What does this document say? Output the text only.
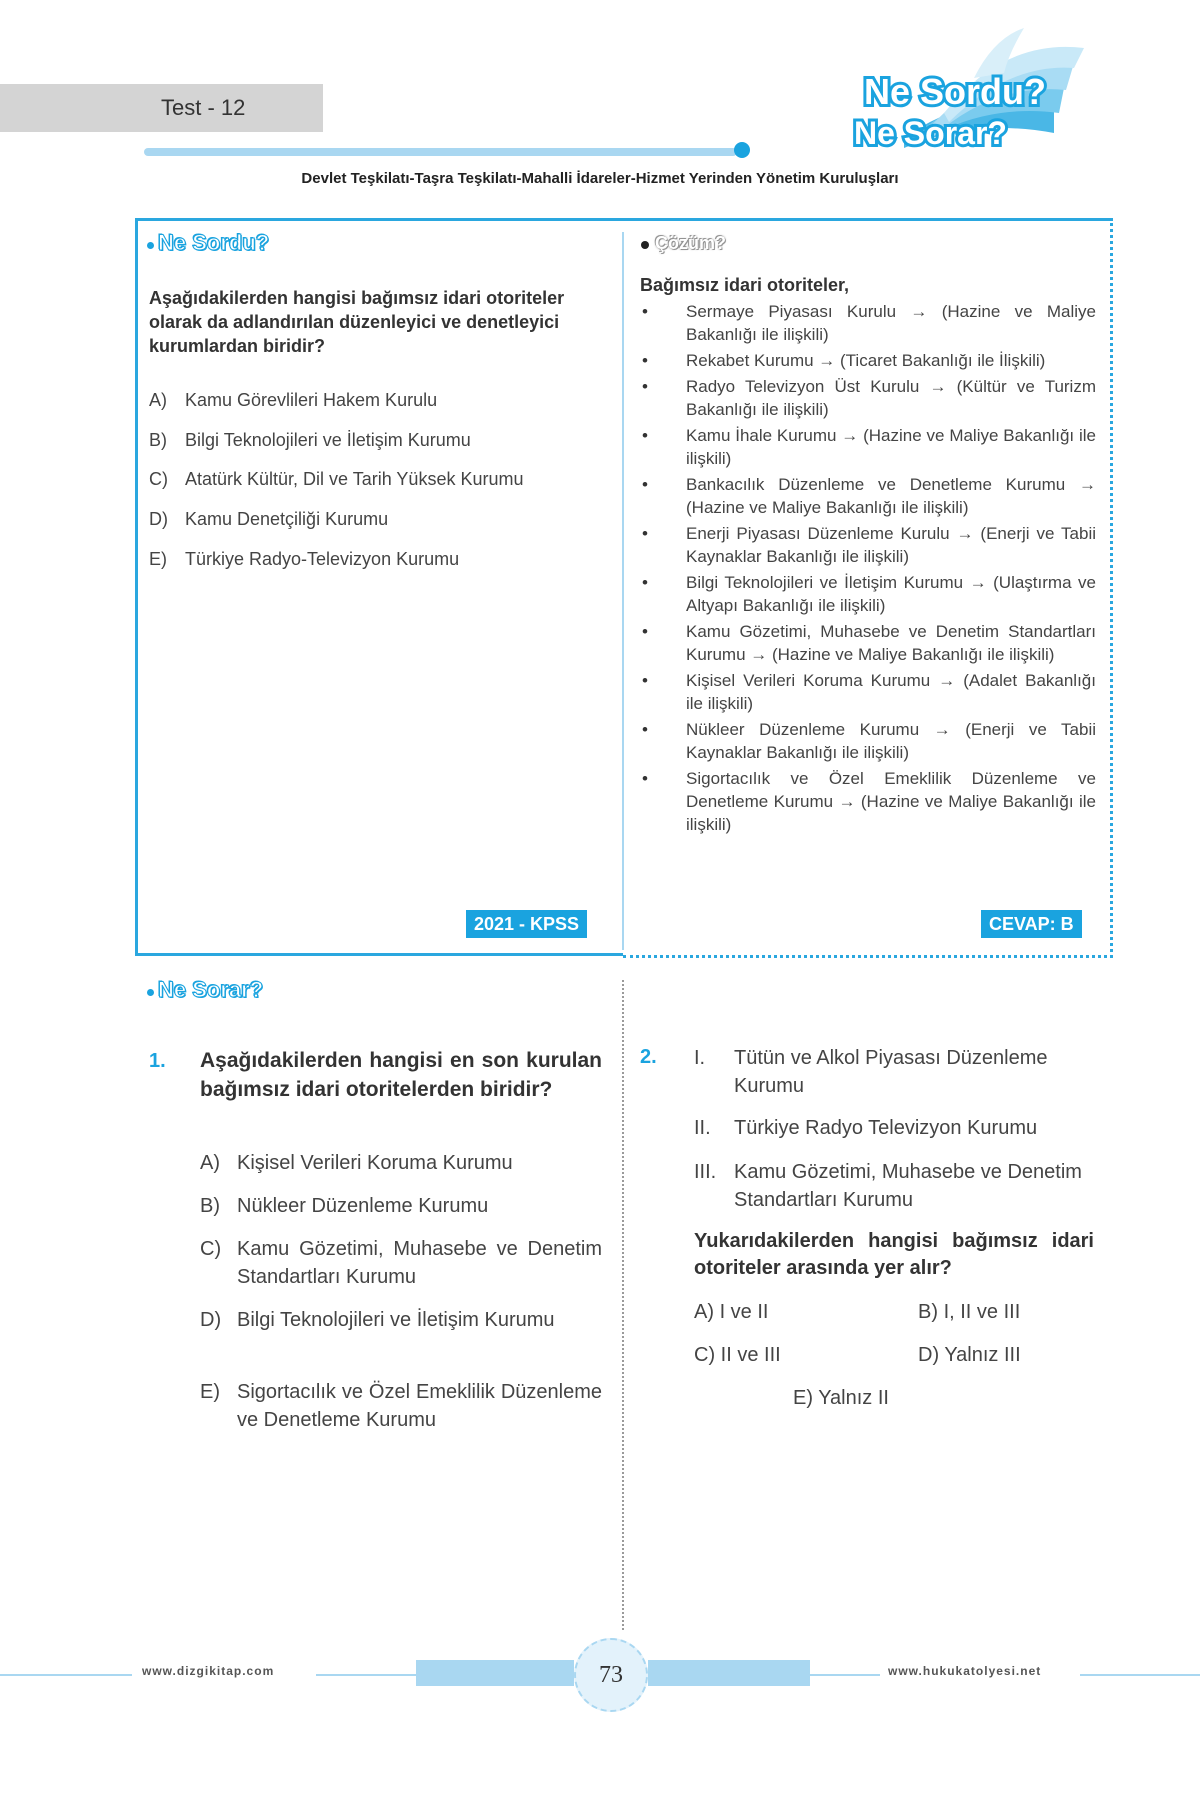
Test - 12	Ne Sordu?
Ne Sorar?
Devlet Teşkilatı-Taşra Teşkilatı-Mahalli İdareler-Hizmet Yerinden Yönetim Kuruluşları
Ne Sordu?
Aşağıdakilerden hangisi bağımsız idari otoriteler olarak da adlandırılan düzenleyici ve denetleyici kurumlardan biridir?
A) Kamu Görevlileri Hakem Kurulu
B) Bilgi Teknolojileri ve İletişim Kurumu
C) Atatürk Kültür, Dil ve Tarih Yüksek Kurumu
D) Kamu Denetçiliği Kurumu
E) Türkiye Radyo-Televizyon Kurumu
2021 - KPSS
Çözüm?
Bağımsız idari otoriteler,
• Sermaye Piyasası Kurulu → (Hazine ve Maliye Bakanlığı ile ilişkili)
• Rekabet Kurumu → (Ticaret Bakanlığı ile İlişkili)
• Radyo Televizyon Üst Kurulu → (Kültür ve Turizm Bakanlığı ile ilişkili)
• Kamu İhale Kurumu → (Hazine ve Maliye Bakanlığı ile ilişkili)
• Bankacılık Düzenleme ve Denetleme Kurumu → (Hazine ve Maliye Bakanlığı ile ilişkili)
• Enerji Piyasası Düzenleme Kurulu → (Enerji ve Tabii Kaynaklar Bakanlığı ile ilişkili)
• Bilgi Teknolojileri ve İletişim Kurumu → (Ulaştırma ve Altyapı Bakanlığı ile ilişkili)
• Kamu Gözetimi, Muhasebe ve Denetim Standartları Kurumu → (Hazine ve Maliye Bakanlığı ile ilişkili)
• Kişisel Verileri Koruma Kurumu → (Adalet Bakanlığı ile ilişkili)
• Nükleer Düzenleme Kurumu → (Enerji ve Tabii Kaynaklar Bakanlığı ile ilişkili)
• Sigortacılık ve Özel Emeklilik Düzenleme ve Denetleme Kurumu → (Hazine ve Maliye Bakanlığı ile ilişkili)
CEVAP: B
Ne Sorar?
1. Aşağıdakilerden hangisi en son kurulan bağımsız idari otoritelerden biridir?
A) Kişisel Verileri Koruma Kurumu
B) Nükleer Düzenleme Kurumu
C) Kamu Gözetimi, Muhasebe ve Denetim Standartları Kurumu
D) Bilgi Teknolojileri ve İletişim Kurumu
E) Sigortacılık ve Özel Emeklilik Düzenleme ve Denetleme Kurumu
2. I.	Tütün ve Alkol Piyasası Düzenleme Kurumu
II.	Türkiye Radyo Televizyon Kurumu
III. Kamu Gözetimi, Muhasebe ve Denetim Standartları Kurumu
Yukarıdakilerden hangisi bağımsız idari otoriteler arasında yer alır?
A) I ve II	B) I, II ve III
C) II ve III	D) Yalnız III
E) Yalnız II
www.dizgikitap.com	73	www.hukukatolyesi.net
